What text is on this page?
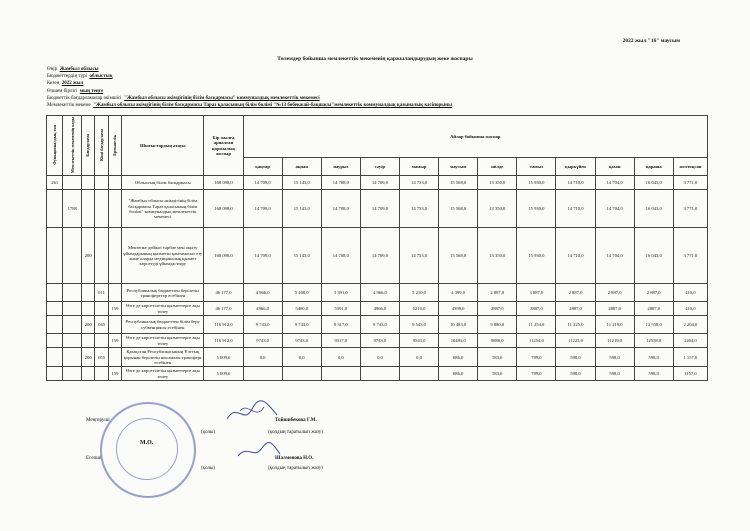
2022 жыл "16" маусым
Төлемдер бойынша мемлекеттік мекеменің қаржыландырудың жеке жоспары
Өңір Жамбыл облысы
Бюджеттердің түрі облыстық
Кезең 2022 жыл
Өлшем бірлігі мың теңге
Бюджеттік бағдарламалар әкімшісі "Жамбыл облысы әкімдігінің білім басқармасы" коммуналдық мемлекеттік мекемесі
Мемлекеттік мекеме "Жамбыл облысы әкімдігінің білім басқармасы Тараз қаласының білім бөлімі "№13 бөбекжай-бақшасы"мемлекеттік коммуналдық қазыналық кәсіпорыны
Функционалдық топ	Мемлекеттік мекеменің коды	Бағдарлама	Кіші бағдарлама	Ерекшелік	Шығыстардың атауы	Бір жылға арналған қаржылық жоспар	Айлар бойынша жоспар											
							қаңтар	ақпан	наурыз	сәуір	мамыр	маусым	шілде	тамыз	қыркүйек	қазан	қараша	желтоқсан
261					Облыстың білім басқармасы	168 098,0	14 709,0	15 143,0	14 708,0	14 709,0	14 753,0	15 568,0	13 350,0	15 930,0	14 710,0	14 704,0	16 043,0	3 771,0
	1788				"Жамбыл облысы әкімдігінің білім басқармасы Тараз қаласының білім бөлімі" коммуналдық мемлекеттік мекемесі	168 098,0	14 709,0	15 143,0	14 708,0	14 709,0	14 753,0	15 568,0	13 350,0	15 930,0	14 710,0	14 704,0	16 043,0	3 771,0
		200			Мектепке дейінгі тәрбие мен оқыту ұйымдарының қызметін қамтамасыз ету және оларда медициналық қызмет көрсетуді ұйымдастыру	168 098,0	14 709,0	15 143,0	14 708,0	14 709,0	14 753,0	15 568,0	13 350,0	15 930,0	14 710,0	14 704,0	16 043,0	3 771,0
			011		Республикалық бюджеттен берілетін трансферттер есебінен	46 177,0	4 966,0	5 400,0	5 391,0	4 966,0	5 210,0	4 399,0	2 887,0	3 887,0	2 887,0	2 887,0	2 887,0	410,0
				159	Өзге де көрсетілетін қызметтерге ақы төлеу	46 177,0	4966,0	5400,0	5391,0	4966,0	5210,0	4399,0	2887,0	3887,0	2887,0	2887,0	2887,0	410,0
		200	045		Республикалық бюджеттен білім беру субвенциясы есебінен	116 912,0	9 743,0	9 743,0	9 317,0	9 743,0	9 543,0	10 483,0	9 880,0	11 254,0	11 225,0	11 219,0	12 558,0	2 204,0
				159	Өзге де көрсетілетін қызметтерге ақы төлеу	116 912,0	9743,0	9743,0	9317,0	9743,0	9543,0	10483,0	9880,0	11254,0	11225,0	11219,0	12558,0	2204,0
		200	055		Қазақстан Республикасының Ұлттық қорынан берілетін нысаналы трансферт есебінен	5 009,0	0,0	0,0	0,0	0,0	0,0	686,0	583,0	789,0	598,0	598,0	598,0	1 157,0
				159	Өзге де көрсетілетін қызметтерге ақы төлеу	5 009,0						686,0	583,0	789,0	598,0	598,0	598,0	1157,0
Меңгеруші
(қолы)
Тойшибекова Г.М.
(қолдың таратылып жазу)
М.О.
Есепші
(қолы)
Шалменова Н.О.
(қолдың таратылып жазу)
